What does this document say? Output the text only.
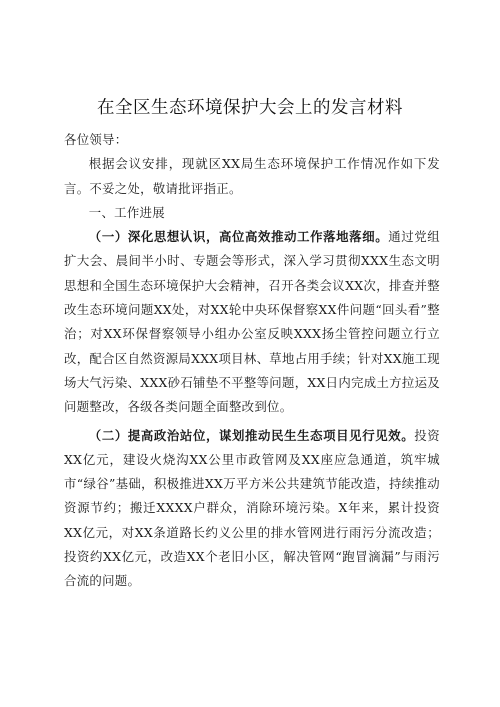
在全区生态环境保护大会上的发言材料

各位领导：

根据会议安排，现就区XX局生态环境保护工作情况作如下发言。不妥之处，敬请批评指正。

一、工作进展

（一）深化思想认识，高位高效推动工作落地落细。通过党组扩大会、晨间半小时、专题会等形式，深入学习贯彻XXX生态文明思想和全国生态环境保护大会精神，召开各类会议XX次，排查并整改生态环境问题XX处，对XX轮中央环保督察XX件问题“回头看”整治；对XX环保督察领导小组办公室反映XXX扬尘管控问题立行立改，配合区自然资源局XXX项目林、草地占用手续；针对XX施工现场大气污染、XXX砂石铺垫不平整等问题，XX日内完成土方拉运及问题整改，各级各类问题全面整改到位。

（二）提高政治站位，谋划推动民生生态项目见行见效。投资XX亿元，建设火烧沟XX公里市政管网及XX座应急通道，筑牢城市“绿谷”基础，积极推进XX万平方米公共建筑节能改造，持续推动资源节约；搬迁XXXX户群众，消除环境污染。X年来，累计投资XX亿元，对XX条道路长约义公里的排水管网进行雨污分流改造；投资约XX亿元，改造XX个老旧小区，解决管网“跑冒滴漏”与雨污合流的问题。
